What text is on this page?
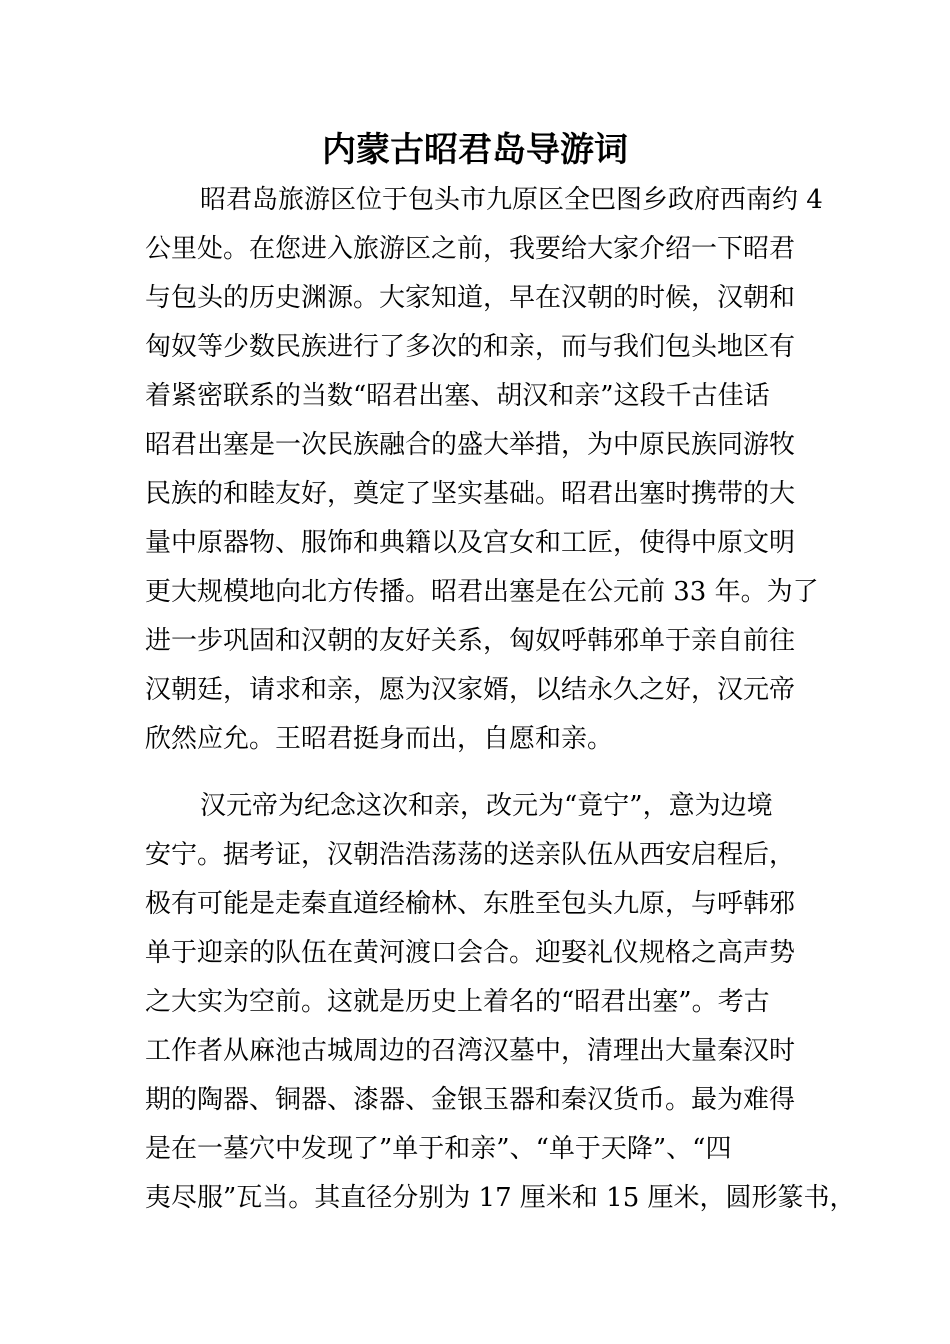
内蒙古昭君岛导游词
昭君岛旅游区位于包头市九原区全巴图乡政府西南约 4
公里处。在您进入旅游区之前，我要给大家介绍一下昭君
与包头的历史渊源。大家知道，早在汉朝的时候，汉朝和
匈奴等少数民族进行了多次的和亲，而与我们包头地区有
着紧密联系的当数“昭君出塞、胡汉和亲”这段千古佳话
昭君出塞是一次民族融合的盛大举措，为中原民族同游牧
民族的和睦友好，奠定了坚实基础。昭君出塞时携带的大
量中原器物、服饰和典籍以及宫女和工匠，使得中原文明
更大规模地向北方传播。昭君出塞是在公元前 33 年。为了
进一步巩固和汉朝的友好关系，匈奴呼韩邪单于亲自前往
汉朝廷，请求和亲，愿为汉家婿，以结永久之好，汉元帝
欣然应允。王昭君挺身而出，自愿和亲。
汉元帝为纪念这次和亲，改元为“竟宁”，意为边境
安宁。据考证，汉朝浩浩荡荡的送亲队伍从西安启程后，
极有可能是走秦直道经榆林、东胜至包头九原，与呼韩邪
单于迎亲的队伍在黄河渡口会合。迎娶礼仪规格之高声势
之大实为空前。这就是历史上着名的“昭君出塞”。考古
工作者从麻池古城周边的召湾汉墓中，清理出大量秦汉时
期的陶器、铜器、漆器、金银玉器和秦汉货币。最为难得
是在一墓穴中发现了”单于和亲”、“单于天降”、“四
夷尽服”瓦当。其直径分别为 17 厘米和 15 厘米，圆形篆书，
